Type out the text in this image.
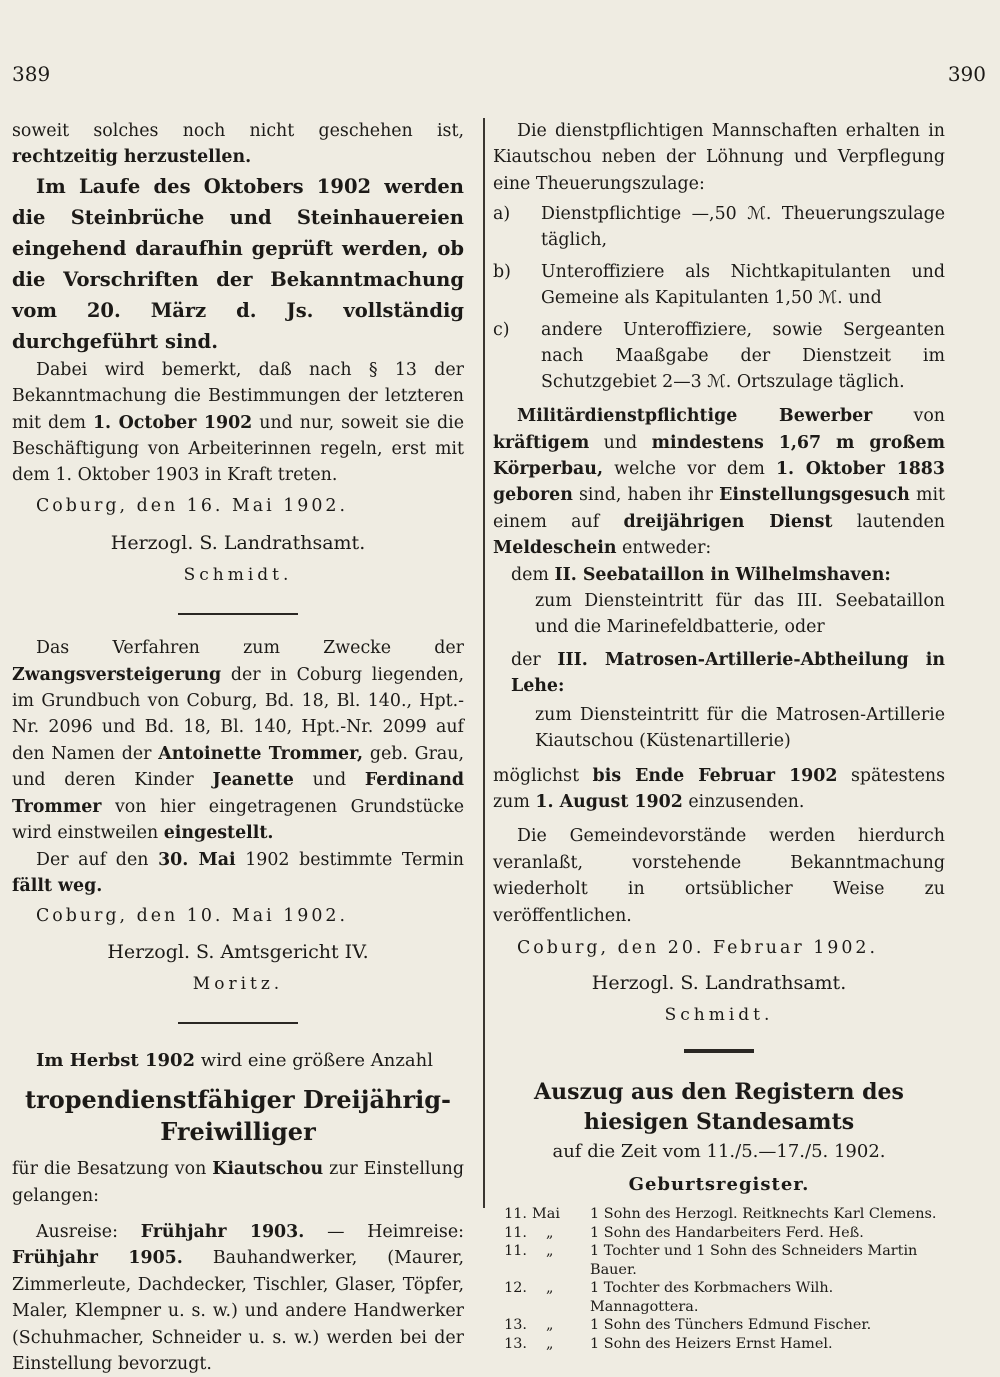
389	390

soweit solches noch nicht geschehen ist, rechtzeitig herzustellen.

Im Laufe des Oktobers 1902 werden die Steinbrüche und Steinhauereien eingehend daraufhin geprüft werden, ob die Vorschriften der Bekanntmachung vom 20. März d. Js. vollständig durchgeführt sind.

Dabei wird bemerkt, daß nach § 13 der Bekanntmachung die Bestimmungen der letzteren mit dem 1. October 1902 und nur, soweit sie die Beschäftigung von Arbeiterinnen regeln, erst mit dem 1. Oktober 1903 in Kraft treten.

Coburg, den 16. Mai 1902.

Herzogl. S. Landrathsamt.

Schmidt.

Das Verfahren zum Zwecke der Zwangsversteigerung der in Coburg liegenden, im Grundbuch von Coburg, Bd. 18, Bl. 140., Hpt.-Nr. 2096 und Bd. 18, Bl. 140, Hpt.-Nr. 2099 auf den Namen der Antoinette Trommer, geb. Grau, und deren Kinder Jeanette und Ferdinand Trommer von hier eingetragenen Grundstücke wird einstweilen eingestellt.

Der auf den 30. Mai 1902 bestimmte Termin fällt weg.

Coburg, den 10. Mai 1902.

Herzogl. S. Amtsgericht IV.

Moritz.

Im Herbst 1902 wird eine größere Anzahl

tropendienstfähiger Dreijährig-Freiwilliger

für die Besatzung von Kiautschou zur Einstellung gelangen:

Ausreise: Frühjahr 1903. — Heimreise: Frühjahr 1905. Bauhandwerker, (Maurer, Zimmerleute, Dachdecker, Tischler, Glaser, Töpfer, Maler, Klempner u. s. w.) und andere Handwerker (Schuhmacher, Schneider u. s. w.) werden bei der Einstellung bevorzugt.

Die dienstpflichtigen Mannschaften erhalten in Kiautschou neben der Löhnung und Verpflegung eine Theuerungszulage:

a)	Dienstpflichtige —,50 ℳ. Theuerungszulage täglich,
b)	Unteroffiziere als Nichtkapitulanten und Gemeine als Kapitulanten 1,50 ℳ. und
c)	andere Unteroffiziere, sowie Sergeanten nach Maaßgabe der Dienstzeit im Schutzgebiet 2—3 ℳ. Ortszulage täglich.

Militärdienstpflichtige Bewerber von kräftigem und mindestens 1,67 m großem Körperbau, welche vor dem 1. Oktober 1883 geboren sind, haben ihr Einstellungsgesuch mit einem auf dreijährigen Dienst lautenden Meldeschein entweder:

dem II. Seebataillon in Wilhelmshaven:

zum Diensteintritt für das III. Seebataillon und die Marinefeldbatterie, oder

der III. Matrosen-Artillerie-Abtheilung in Lehe:

zum Diensteintritt für die Matrosen-Artillerie Kiautschou (Küstenartillerie)

möglichst bis Ende Februar 1902 spätestens zum 1. August 1902 einzusenden.

Die Gemeindevorstände werden hierdurch veranlaßt, vorstehende Bekanntmachung wiederholt in ortsüblicher Weise zu veröffentlichen.

Coburg, den 20. Februar 1902.

Herzogl. S. Landrathsamt.

Schmidt.

Auszug aus den Registern des hiesigen Standesamts

auf die Zeit vom 11./5.—17./5. 1902.

Geburtsregister.

11.	Mai	1 Sohn des Herzogl. Reitknechts Karl Clemens.
11.	„	1 Sohn des Handarbeiters Ferd. Heß.
11.	„	1 Tochter und 1 Sohn des Schneiders Martin Bauer.
12.	„	1 Tochter des Korbmachers Wilh. Mannagottera.
13.	„	1 Sohn des Tünchers Edmund Fischer.
13.	„	1 Sohn des Heizers Ernst Hamel.
